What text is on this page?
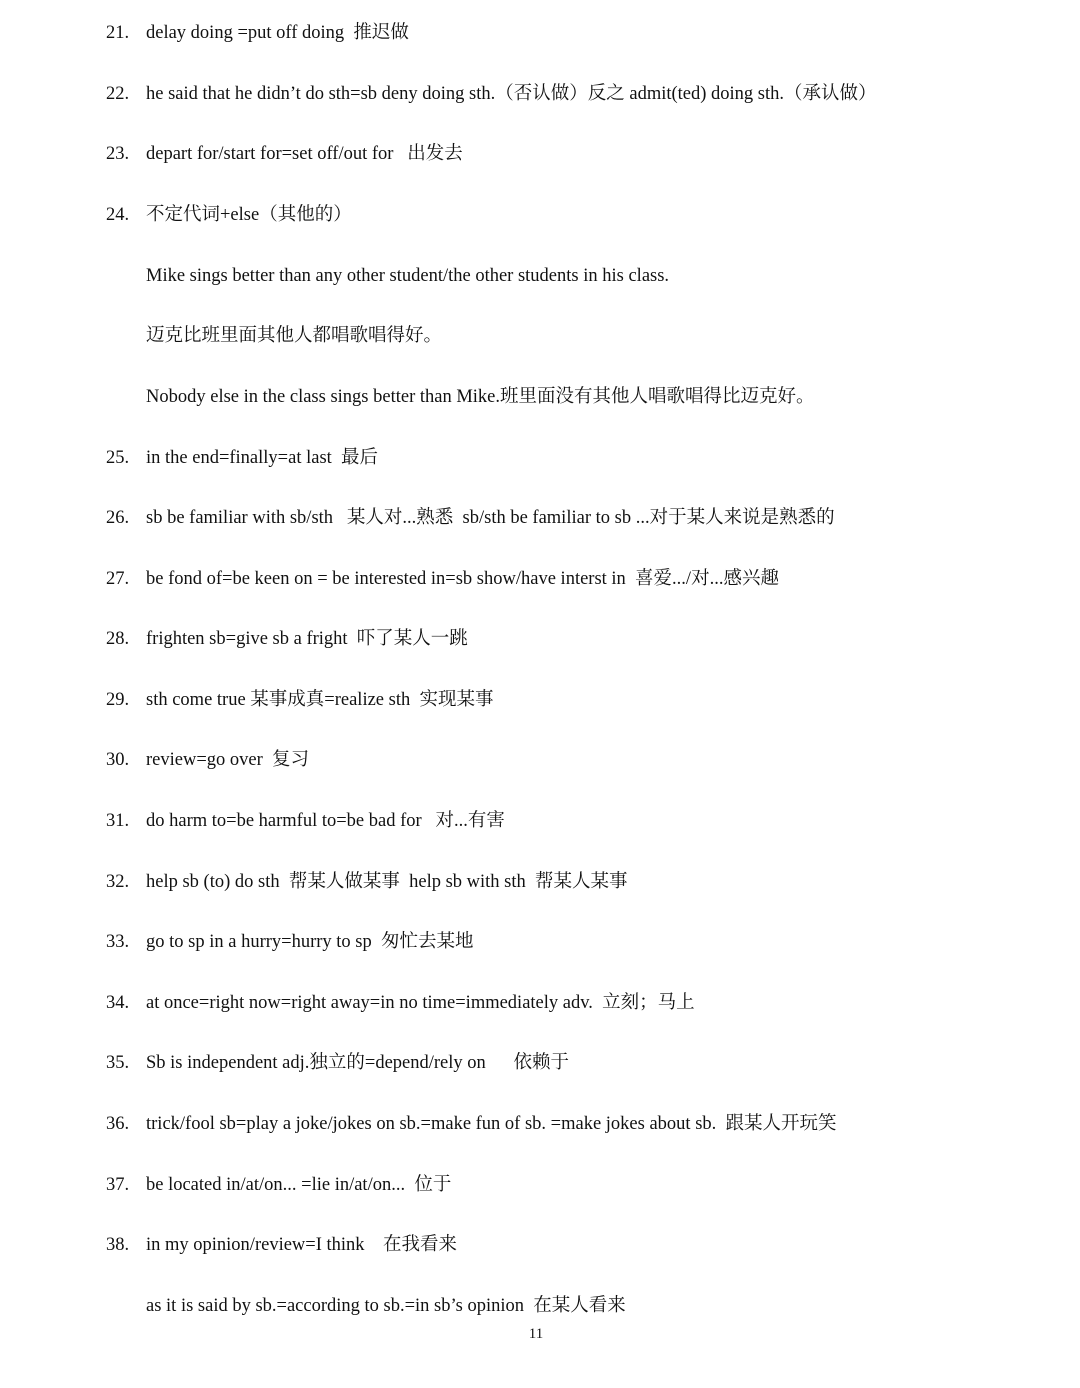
21. delay doing =put off doing  推迟做
22. he said that he didn’t do sth=sb deny doing sth.（否认做）反之 admit(ted) doing sth.（承认做）
23. depart for/start for=set off/out for   出发去
24. 不定代词+else（其他的）
Mike sings better than any other student/the other students in his class.
迈克比班里面其他人都唱歌唱得好。
Nobody else in the class sings better than Mike.班里面没有其他人唱歌唱得比迈克好。
25. in the end=finally=at last  最后
26. sb be familiar with sb/sth   某人对...熟悉  sb/sth be familiar to sb ...对于某人来说是熟悉的
27. be fond of=be keen on = be interested in=sb show/have interst in  喜爱.../对...感兴趣
28. frighten sb=give sb a fright  吓了某人一跳
29. sth come true 某事成真=realize sth  实现某事
30. review=go over  复习
31. do harm to=be harmful to=be bad for   对...有害
32. help sb (to) do sth  帮某人做某事  help sb with sth  帮某人某事
33. go to sp in a hurry=hurry to sp  匆忙去某地
34. at once=right now=right away=in no time=immediately adv.  立刻；马上
35. Sb is independent adj.独立的=depend/rely on      依赖于
36. trick/fool sb=play a joke/jokes on sb.=make fun of sb. =make jokes about sb.  跟某人开玩笑
37. be located in/at/on... =lie in/at/on...  位于
38. in my opinion/review=I think    在我看来
as it is said by sb.=according to sb.=in sb’s opinion  在某人看来
11
